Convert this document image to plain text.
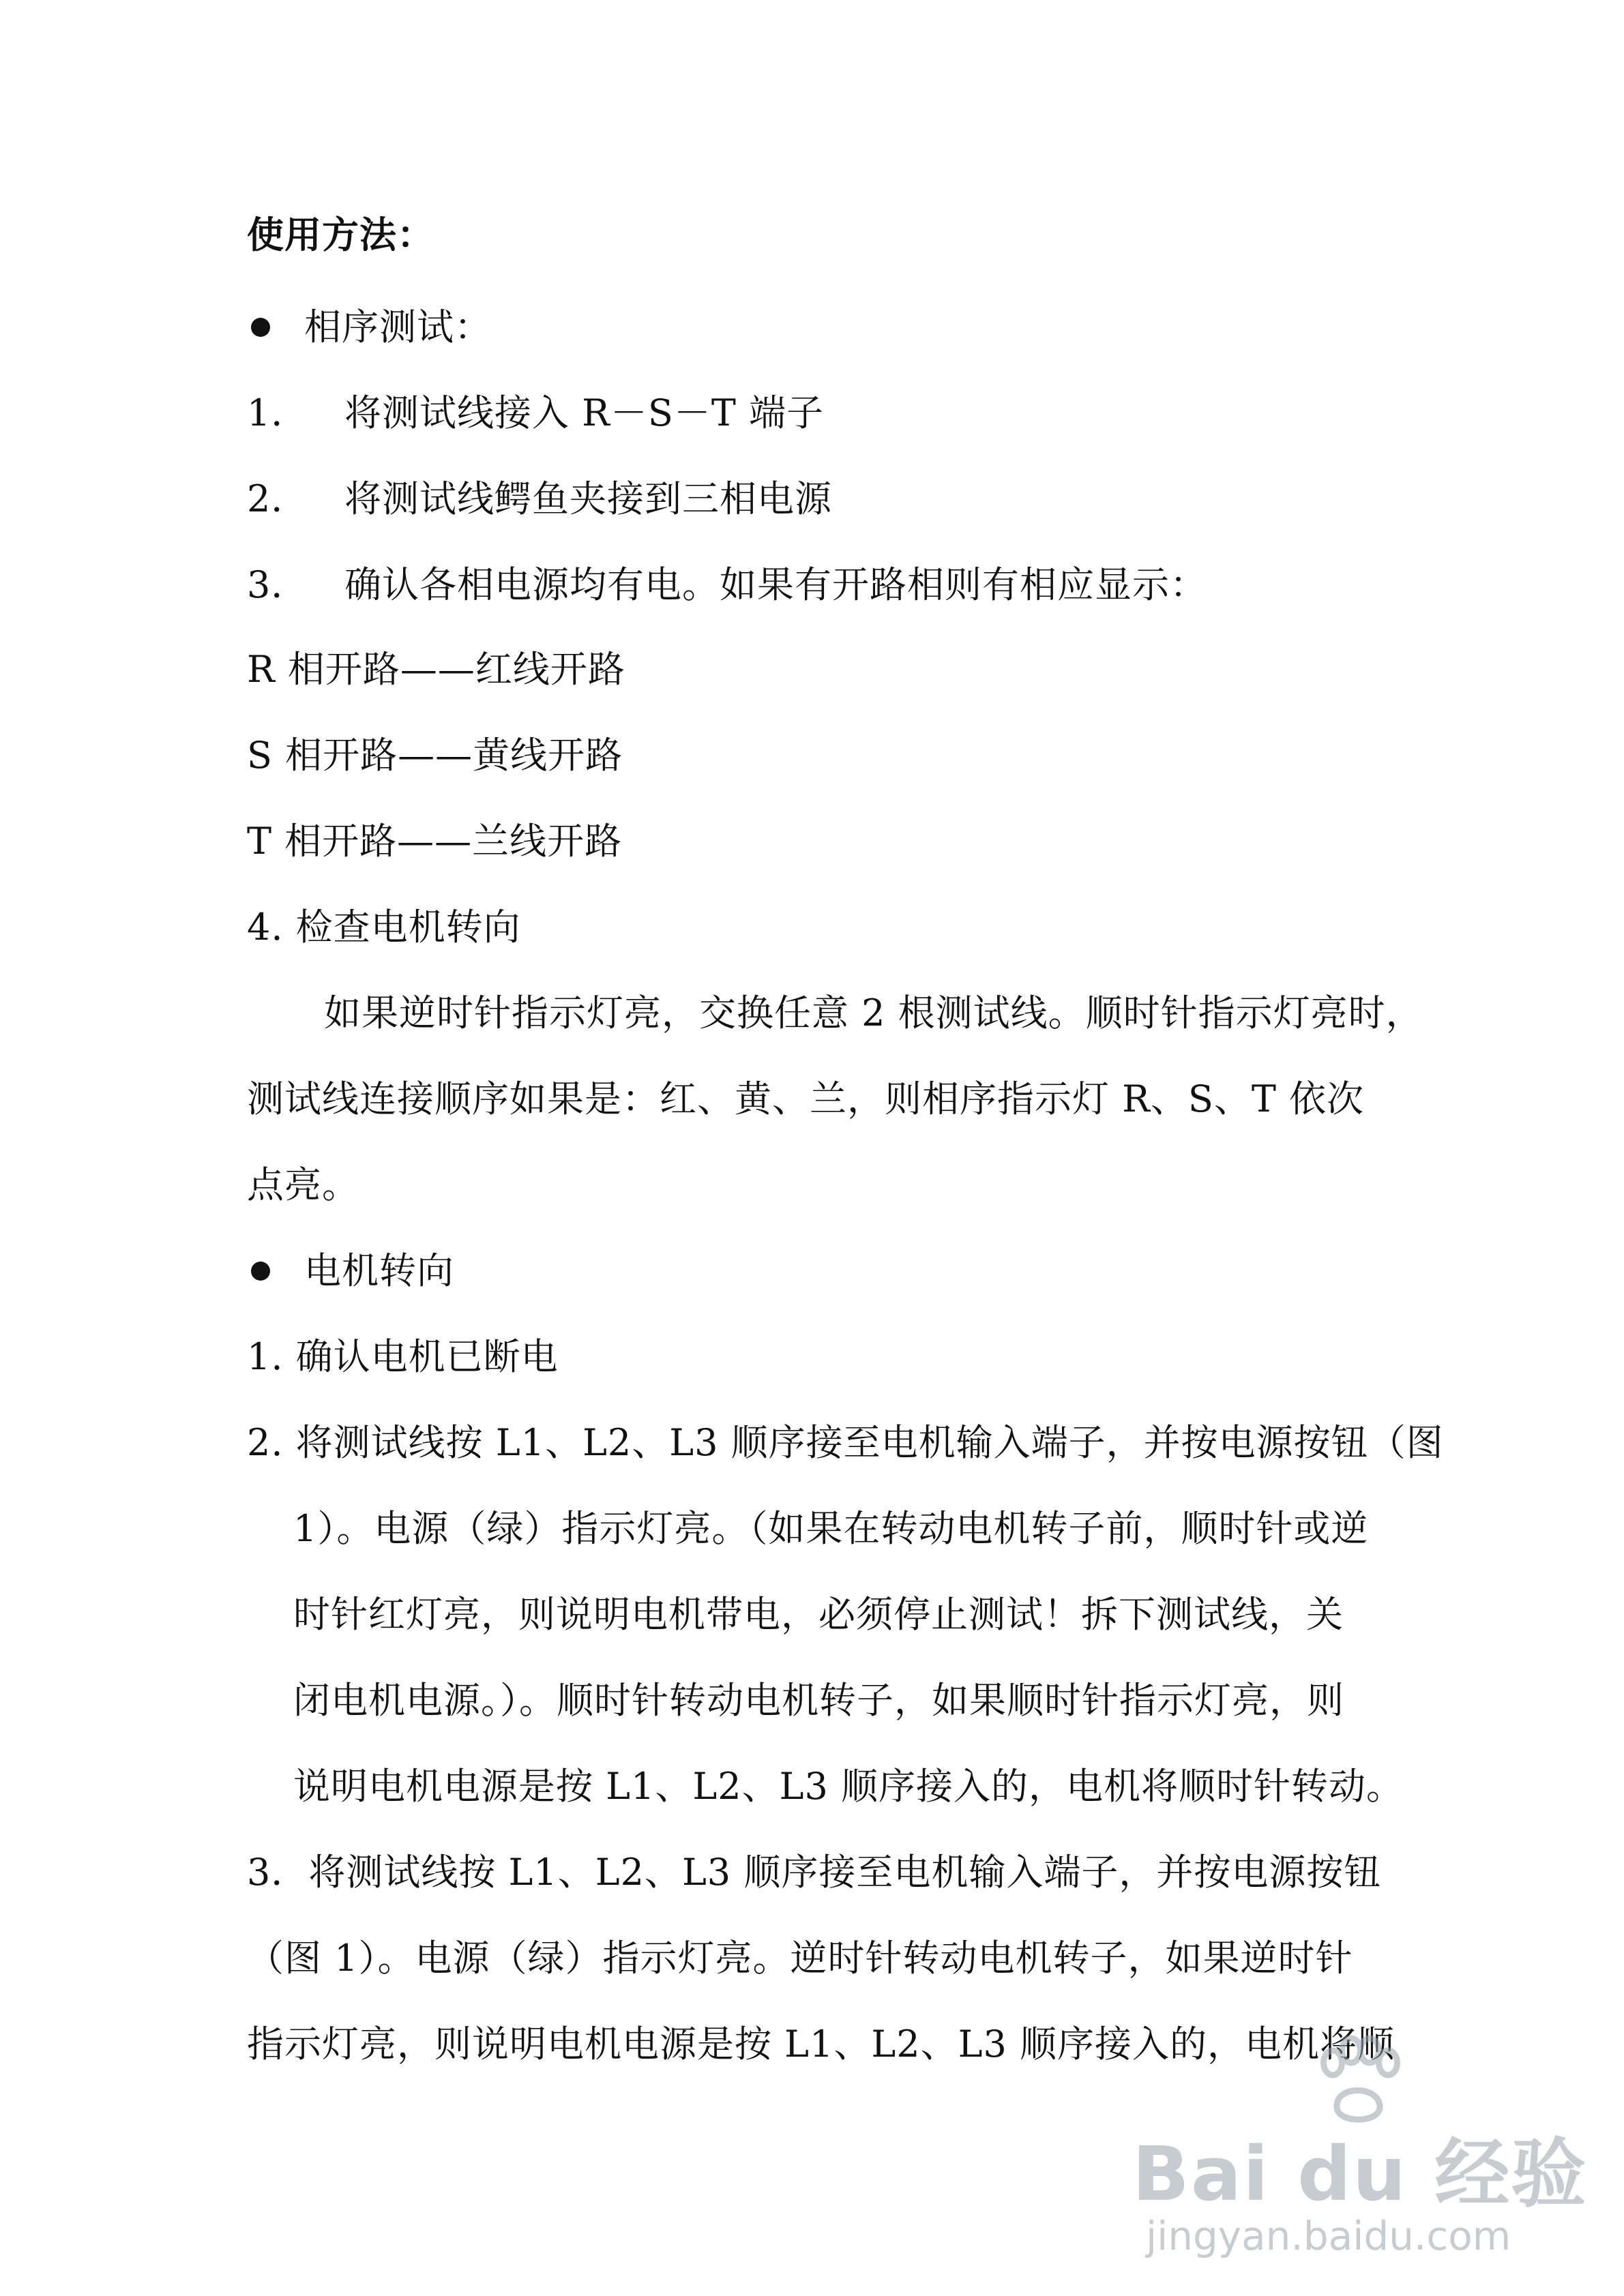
使用方法：
相序测试：
1． 将测试线接入 R－S－T 端子
2． 将测试线鳄鱼夹接到三相电源
3． 确认各相电源均有电。如果有开路相则有相应显示：
R 相开路——红线开路
S 相开路——黄线开路
T 相开路——兰线开路
4. 检查电机转向
如果逆时针指示灯亮，交换任意 2 根测试线。顺时针指示灯亮时，
测试线连接顺序如果是：红、黄、兰，则相序指示灯 R、S、T 依次
点亮。
电机转向
1. 确认电机已断电
2. 将测试线按 L1、L2、L3 顺序接至电机输入端子，并按电源按钮（图
1）。电源（绿）指示灯亮。（如果在转动电机转子前，顺时针或逆
时针红灯亮，则说明电机带电，必须停止测试！拆下测试线，关
闭电机电源。）。顺时针转动电机转子，如果顺时针指示灯亮，则
说明电机电源是按 L1、L2、L3 顺序接入的，电机将顺时针转动。
3．将测试线按 L1、L2、L3 顺序接至电机输入端子，并按电源按钮
（图 1）。电源（绿）指示灯亮。逆时针转动电机转子，如果逆时针
指示灯亮，则说明电机电源是按 L1、L2、L3 顺序接入的，电机将顺
Bai du 经验
jingyan.baidu.com
